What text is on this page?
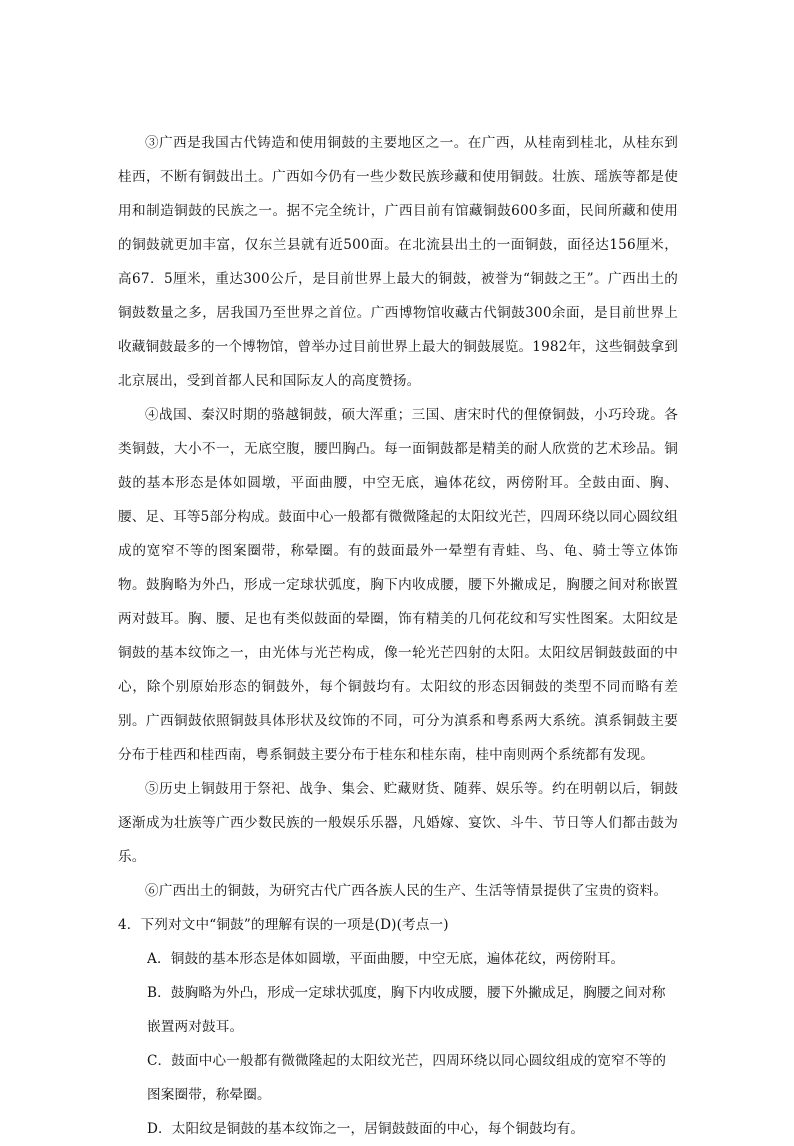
③广西是我国古代铸造和使用铜鼓的主要地区之一。在广西，从桂南到桂北，从桂东到桂西，不断有铜鼓出土。广西如今仍有一些少数民族珍藏和使用铜鼓。壮族、瑶族等都是使用和制造铜鼓的民族之一。据不完全统计，广西目前有馆藏铜鼓600多面，民间所藏和使用的铜鼓就更加丰富，仅东兰县就有近500面。在北流县出土的一面铜鼓，面径达156厘米，高67．5厘米，重达300公斤，是目前世界上最大的铜鼓，被誉为“铜鼓之王”。广西出土的铜鼓数量之多，居我国乃至世界之首位。广西博物馆收藏古代铜鼓300余面，是目前世界上收藏铜鼓最多的一个博物馆，曾举办过目前世界上最大的铜鼓展览。1982年，这些铜鼓拿到北京展出，受到首都人民和国际友人的高度赞扬。

④战国、秦汉时期的骆越铜鼓，硕大浑重；三国、唐宋时代的俚僚铜鼓，小巧玲珑。各类铜鼓，大小不一，无底空腹，腰凹胸凸。每一面铜鼓都是精美的耐人欣赏的艺术珍品。铜鼓的基本形态是体如圆墩，平面曲腰，中空无底，遍体花纹，两傍附耳。全鼓由面、胸、腰、足、耳等5部分构成。鼓面中心一般都有微微隆起的太阳纹光芒，四周环绕以同心圆纹组成的宽窄不等的图案圈带，称晕圈。有的鼓面最外一晕塑有青蛙、鸟、龟、骑士等立体饰物。鼓胸略为外凸，形成一定球状弧度，胸下内收成腰，腰下外撇成足，胸腰之间对称嵌置两对鼓耳。胸、腰、足也有类似鼓面的晕圈，饰有精美的几何花纹和写实性图案。太阳纹是铜鼓的基本纹饰之一，由光体与光芒构成，像一轮光芒四射的太阳。太阳纹居铜鼓鼓面的中心，除个别原始形态的铜鼓外，每个铜鼓均有。太阳纹的形态因铜鼓的类型不同而略有差别。广西铜鼓依照铜鼓具体形状及纹饰的不同，可分为滇系和粤系两大系统。滇系铜鼓主要分布于桂西和桂西南，粤系铜鼓主要分布于桂东和桂东南，桂中南则两个系统都有发现。

⑤历史上铜鼓用于祭祀、战争、集会、贮藏财货、随葬、娱乐等。约在明朝以后，铜鼓逐渐成为壮族等广西少数民族的一般娱乐乐器，凡婚嫁、宴饮、斗牛、节日等人们都击鼓为乐。

⑥广西出土的铜鼓，为研究古代广西各族人民的生产、生活等情景提供了宝贵的资料。

4．下列对文中“铜鼓”的理解有误的一项是(D)(考点一)

A．铜鼓的基本形态是体如圆墩，平面曲腰，中空无底，遍体花纹，两傍附耳。

B．鼓胸略为外凸，形成一定球状弧度，胸下内收成腰，腰下外撇成足，胸腰之间对称

嵌置两对鼓耳。

C．鼓面中心一般都有微微隆起的太阳纹光芒，四周环绕以同心圆纹组成的宽窄不等的

图案圈带，称晕圈。

D．太阳纹是铜鼓的基本纹饰之一，居铜鼓鼓面的中心，每个铜鼓均有。
